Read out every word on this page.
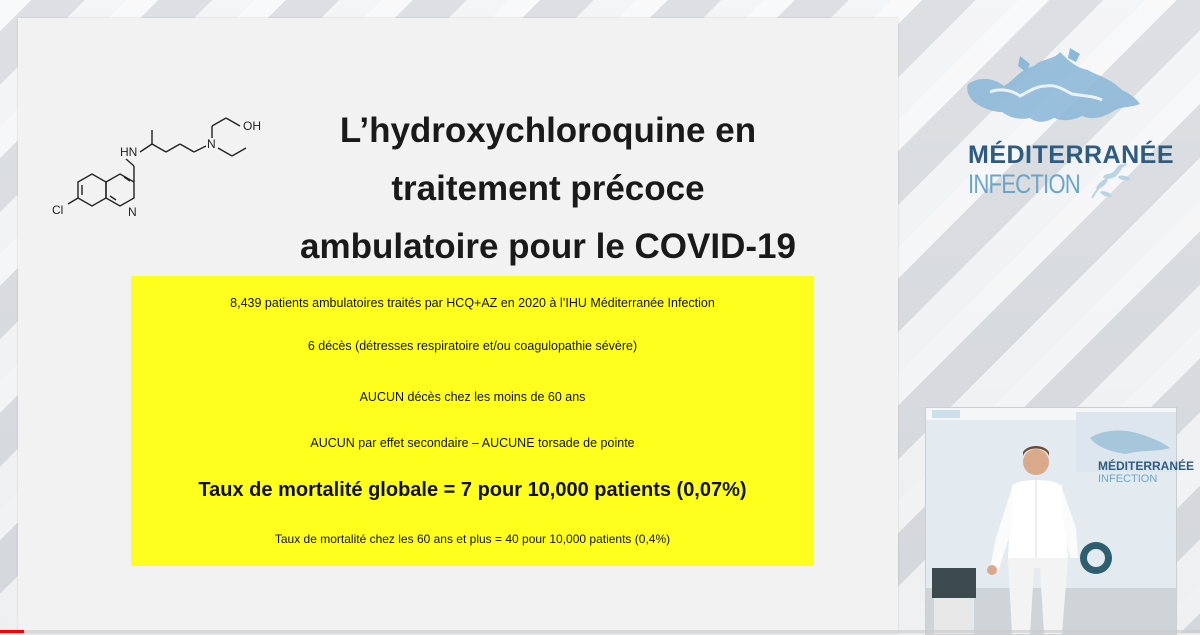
HN
OH
N
N
Cl
L’hydroxychloroquine en
traitement précoce
ambulatoire pour le COVID-19
8,439 patients ambulatoires traités par HCQ+AZ en 2020 à l’IHU Méditerranée Infection
6 décès (détresses respiratoire et/ou coagulopathie sévère)
AUCUN décès chez les moins de 60 ans
AUCUN par effet secondaire – AUCUNE torsade de pointe
Taux de mortalité globale = 7 pour 10,000 patients (0,07%)
Taux de mortalité chez les 60 ans et plus = 40 pour 10,000 patients (0,4%)
MÉDITERRANÉE
INFECTION
MÉDITERRANÉE
INFECTION
